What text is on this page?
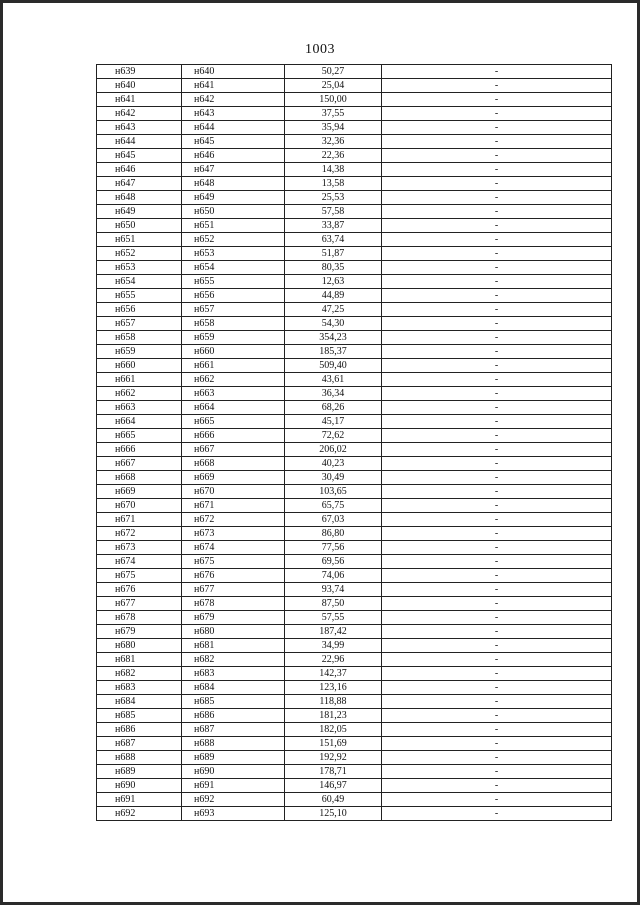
1003
н639	н640	50,27	-
н640	н641	25,04	-
н641	н642	150,00	-
н642	н643	37,55	-
н643	н644	35,94	-
н644	н645	32,36	-
н645	н646	22,36	-
н646	н647	14,38	-
н647	н648	13,58	-
н648	н649	25,53	-
н649	н650	57,58	-
н650	н651	33,87	-
н651	н652	63,74	-
н652	н653	51,87	-
н653	н654	80,35	-
н654	н655	12,63	-
н655	н656	44,89	-
н656	н657	47,25	-
н657	н658	54,30	-
н658	н659	354,23	-
н659	н660	185,37	-
н660	н661	509,40	-
н661	н662	43,61	-
н662	н663	36,34	-
н663	н664	68,26	-
н664	н665	45,17	-
н665	н666	72,62	-
н666	н667	206,02	-
н667	н668	40,23	-
н668	н669	30,49	-
н669	н670	103,65	-
н670	н671	65,75	-
н671	н672	67,03	-
н672	н673	86,80	-
н673	н674	77,56	-
н674	н675	69,56	-
н675	н676	74,06	-
н676	н677	93,74	-
н677	н678	87,50	-
н678	н679	57,55	-
н679	н680	187,42	-
н680	н681	34,99	-
н681	н682	22,96	-
н682	н683	142,37	-
н683	н684	123,16	-
н684	н685	118,88	-
н685	н686	181,23	-
н686	н687	182,05	-
н687	н688	151,69	-
н688	н689	192,92	-
н689	н690	178,71	-
н690	н691	146,97	-
н691	н692	60,49	-
н692	н693	125,10	-
